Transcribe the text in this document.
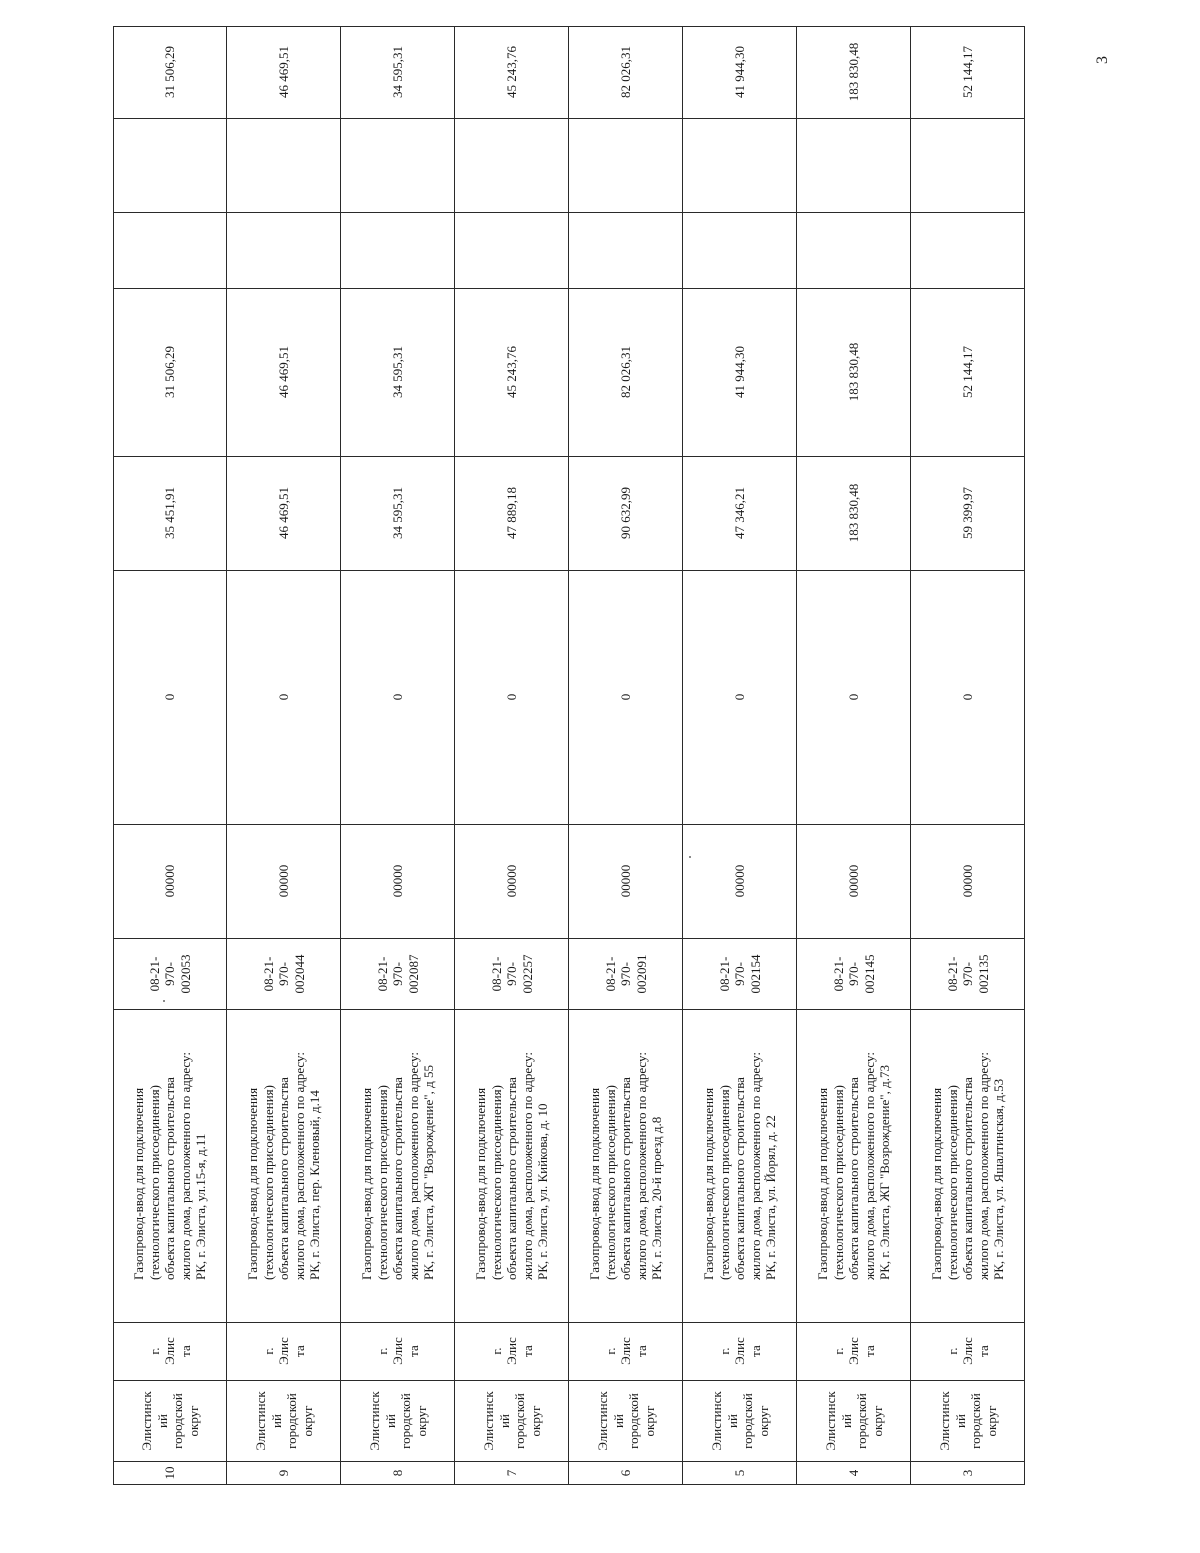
3
31 506,29
31 506,29
35 451,91
0
00000
08-21-
970-
002053
Газопровод-ввод для подключения
(технологического присоединения)
объекта капитального строительства
жилого дома, расположенного по адресу:
РК, г. Элиста, ул.15-я, д.11
г.
Элис
та
Элистинск
ий
городской
округ
10
46 469,51
46 469,51
46 469,51
0
00000
08-21-
970-
002044
Газопровод-ввод для подключения
(технологического присоединения)
объекта капитального строительства
жилого дома, расположенного по адресу:
РК, г. Элиста, пер. Кленовый, д.14
г.
Элис
та
Элистинск
ий
городской
округ
9
34 595,31
34 595,31
34 595,31
0
00000
08-21-
970-
002087
Газопровод-ввод для подключения
(технологического присоединения)
объекта капитального строительства
жилого дома, расположенного по адресу:
РК, г. Элиста, ЖГ "Возрождение", д 55
г.
Элис
та
Элистинск
ий
городской
округ
8
45 243,76
45 243,76
47 889,18
0
00000
08-21-
970-
002257
Газопровод-ввод для подключения
(технологического присоединения)
объекта капитального строительства
жилого дома, расположенного по адресу:
РК, г. Элиста, ул. Кийкова, д. 10
г.
Элис
та
Элистинск
ий
городской
округ
7
82 026,31
82 026,31
90 632,99
0
00000
08-21-
970-
002091
Газопровод-ввод для подключения
(технологического присоединения)
объекта капитального строительства
жилого дома, расположенного по адресу:
РК, г. Элиста, 20-й проезд д.8
г.
Элис
та
Элистинск
ий
городской
округ
6
41 944,30
41 944,30
47 346,21
0
00000
08-21-
970-
002154
Газопровод-ввод для подключения
(технологического присоединения)
объекта капитального строительства
жилого дома, расположенного по адресу:
РК, г. Элиста, ул. Йорял, д. 22
г.
Элис
та
Элистинск
ий
городской
округ
5
183 830,48
183 830,48
183 830,48
0
00000
08-21-
970-
002145
Газопровод-ввод для подключения
(технологического присоединения)
объекта капитального строительства
жилого дома, расположенного по адресу:
РК, г. Элиста, ЖГ "Возрождение", д.73
г.
Элис
та
Элистинск
ий
городской
округ
4
52 144,17
52 144,17
59 399,97
0
00000
08-21-
970-
002135
Газопровод-ввод для подключения
(технологического присоединения)
объекта капитального строительства
жилого дома, расположенного по адресу:
РК, г. Элиста, ул. Яшалтинская, д.53
г.
Элис
та
Элистинск
ий
городской
округ
3
